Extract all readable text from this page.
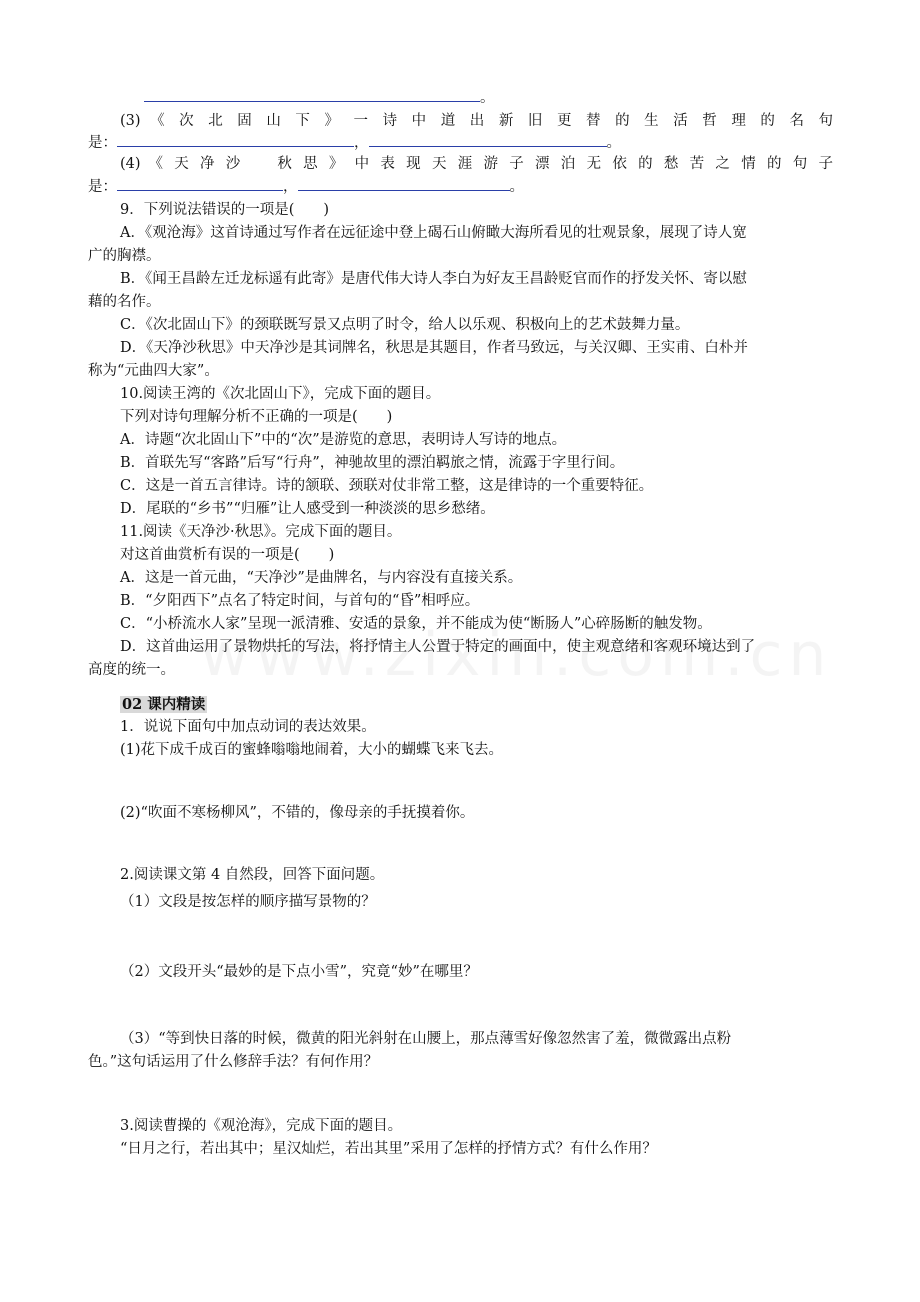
。
(3) 《 次 北 固 山 下 》 一 诗 中 道 出 新 旧 更 替 的 生 活 哲 理 的 名 句
是：	，	。
(4) 《 天 净 沙 　 秋 思 》 中 表 现 天 涯 游 子 漂 泊 无 依 的 愁 苦 之 情 的 句 子
是：	，	。
9．下列说法错误的一项是(　　)
A．《观沧海》这首诗通过写作者在远征途中登上碣石山俯瞰大海所看见的壮观景象，展现了诗人宽
广的胸襟。
B．《闻王昌龄左迁龙标遥有此寄》是唐代伟大诗人李白为好友王昌龄贬官而作的抒发关怀、寄以慰
藉的名作。
C．《次北固山下》的颈联既写景又点明了时令，给人以乐观、积极向上的艺术鼓舞力量。
D．《天净沙秋思》中天净沙是其词牌名，秋思是其题目，作者马致远，与关汉卿、王实甫、白朴并
称为“元曲四大家”。
10.阅读王湾的《次北固山下》，完成下面的题目。
下列对诗句理解分析不正确的一项是(　　)
A．诗题“次北固山下”中的“次”是游览的意思，表明诗人写诗的地点。
B．首联先写“客路”后写“行舟”，神驰故里的漂泊羁旅之情，流露于字里行间。
C．这是一首五言律诗。诗的颔联、颈联对仗非常工整，这是律诗的一个重要特征。
D．尾联的“乡书”“归雁”让人感受到一种淡淡的思乡愁绪。
11.阅读《天净沙·秋思》。完成下面的题目。
对这首曲赏析有误的一项是(　　)
A．这是一首元曲，“天净沙”是曲牌名，与内容没有直接关系。
B．“夕阳西下”点名了特定时间，与首句的“昏”相呼应。
C．“小桥流水人家”呈现一派清雅、安适的景象，并不能成为使“断肠人”心碎肠断的触发物。
D．这首曲运用了景物烘托的写法，将抒情主人公置于特定的画面中，使主观意绪和客观环境达到了
高度的统一。
02 课内精读
1．说说下面句中加点动词的表达效果。
(1)花下成千成百的蜜蜂嗡嗡地闹着，大小的蝴蝶飞来飞去。
(2)“吹面不寒杨柳风”，不错的，像母亲的手抚摸着你。
2.阅读课文第 4 自然段，回答下面问题。
（1）文段是按怎样的顺序描写景物的？
（2）文段开头“最妙的是下点小雪”，究竟“妙”在哪里？
（3）“等到快日落的时候，微黄的阳光斜射在山腰上，那点薄雪好像忽然害了羞，微微露出点粉
色。”这句话运用了什么修辞手法？有何作用？
3.阅读曹操的《观沧海》，完成下面的题目。
“日月之行，若出其中；星汉灿烂，若出其里”采用了怎样的抒情方式？有什么作用？
